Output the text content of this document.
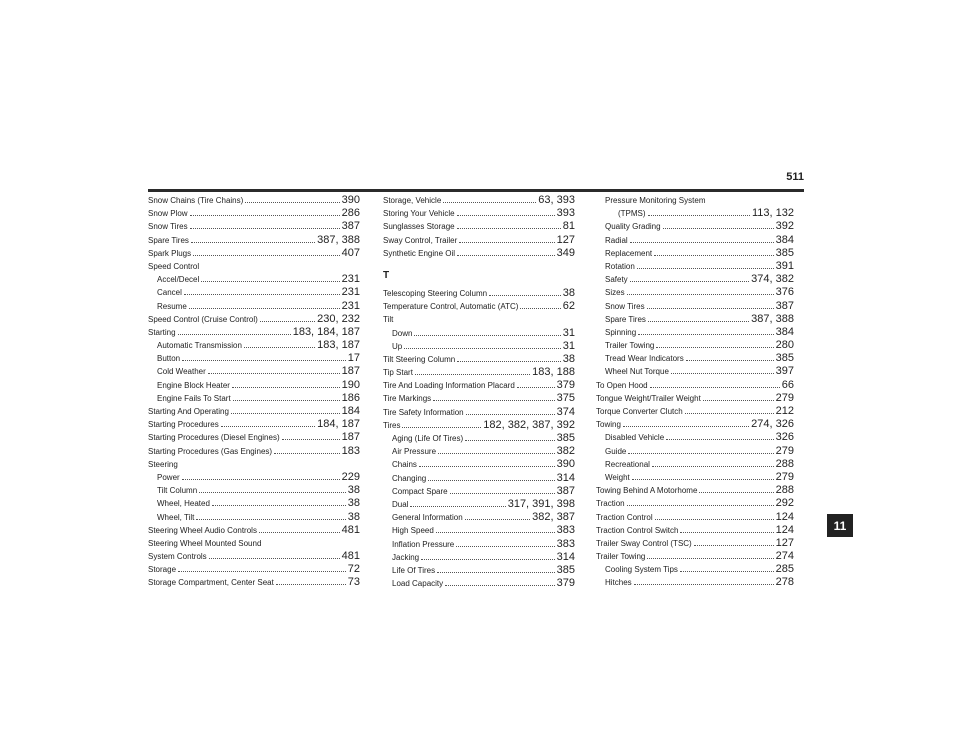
511
Snow Chains (Tire Chains)	390
Snow Plow	286
Snow Tires	387
Spare Tires	387, 388
Spark Plugs	407
Speed Control
Accel/Decel	231
Cancel	231
Resume	231
Speed Control (Cruise Control)	230, 232
Starting	183, 184, 187
Automatic Transmission	183, 187
Button	17
Cold Weather	187
Engine Block Heater	190
Engine Fails To Start	186
Starting And Operating	184
Starting Procedures	184, 187
Starting Procedures (Diesel Engines)	187
Starting Procedures (Gas Engines)	183
Steering
Power	229
Tilt Column	38
Wheel, Heated	38
Wheel, Tilt	38
Steering Wheel Audio Controls	481
Steering Wheel Mounted Sound
System Controls	481
Storage	72
Storage Compartment, Center Seat	73
Storage, Vehicle	63, 393
Storing Your Vehicle	393
Sunglasses Storage	81
Sway Control, Trailer	127
Synthetic Engine Oil	349
T
Telescoping Steering Column	38
Temperature Control, Automatic (ATC)	62
Tilt
Down	31
Up	31
Tilt Steering Column	38
Tip Start	183, 188
Tire And Loading Information Placard	379
Tire Markings	375
Tire Safety Information	374
Tires	182, 382, 387, 392
Aging (Life Of Tires)	385
Air Pressure	382
Chains	390
Changing	314
Compact Spare	387
Dual	317, 391, 398
General Information	382, 387
High Speed	383
Inflation Pressure	383
Jacking	314
Life Of Tires	385
Load Capacity	379
Pressure Monitoring System
(TPMS)	113, 132
Quality Grading	392
Radial	384
Replacement	385
Rotation	391
Safety	374, 382
Sizes	376
Snow Tires	387
Spare Tires	387, 388
Spinning	384
Trailer Towing	280
Tread Wear Indicators	385
Wheel Nut Torque	397
To Open Hood	66
Tongue Weight/Trailer Weight	279
Torque Converter Clutch	212
Towing	274, 326
Disabled Vehicle	326
Guide	279
Recreational	288
Weight	279
Towing Behind A Motorhome	288
Traction	292
Traction Control	124
Traction Control Switch	124
Trailer Sway Control (TSC)	127
Trailer Towing	274
Cooling System Tips	285
Hitches	278
11
